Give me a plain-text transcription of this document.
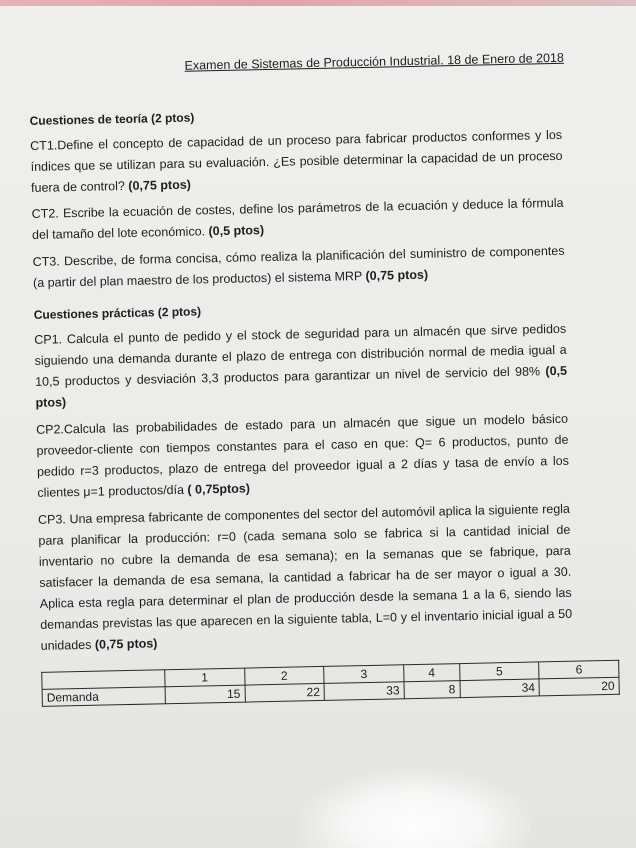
Examen de Sistemas de Producción Industrial. 18 de Enero de 2018
Cuestiones de teoría (2 ptos)
CT1.Define el concepto de capacidad de un proceso para fabricar productos conformes y los índices que se utilizan para su evaluación. ¿Es posible determinar la capacidad de un proceso fuera de control? (0,75 ptos)
CT2. Escribe la ecuación de costes, define los parámetros de la ecuación y deduce la fórmula del tamaño del lote económico. (0,5 ptos)
CT3. Describe, de forma concisa, cómo realiza la planificación del suministro de componentes (a partir del plan maestro de los productos) el sistema MRP (0,75 ptos)
Cuestiones prácticas (2 ptos)
CP1. Calcula el punto de pedido y el stock de seguridad para un almacén que sirve pedidos siguiendo una demanda durante el plazo de entrega con distribución normal de media igual a 10,5 productos y desviación 3,3 productos para garantizar un nivel de servicio del 98% (0,5 ptos)
CP2.Calcula las probabilidades de estado para un almacén que sigue un modelo básico proveedor-cliente con tiempos constantes para el caso en que: Q= 6 productos, punto de pedido r=3 productos, plazo de entrega del proveedor igual a 2 días y tasa de envío a los clientes μ=1 productos/día ( 0,75ptos)
CP3. Una empresa fabricante de componentes del sector del automóvil aplica la siguiente regla para planificar la producción: r=0 (cada semana solo se fabrica si la cantidad inicial de inventario no cubre la demanda de esa semana); en la semanas que se fabrique, para satisfacer la demanda de esa semana, la cantidad a fabricar ha de ser mayor o igual a 30. Aplica esta regla para determinar el plan de producción desde la semana 1 a la 6, siendo las demandas previstas las que aparecen en la siguiente tabla, L=0 y el inventario inicial igual a 50 unidades (0,75 ptos)
	1	2	3	4	5	6
Demanda	15	22	33	8	34	20
